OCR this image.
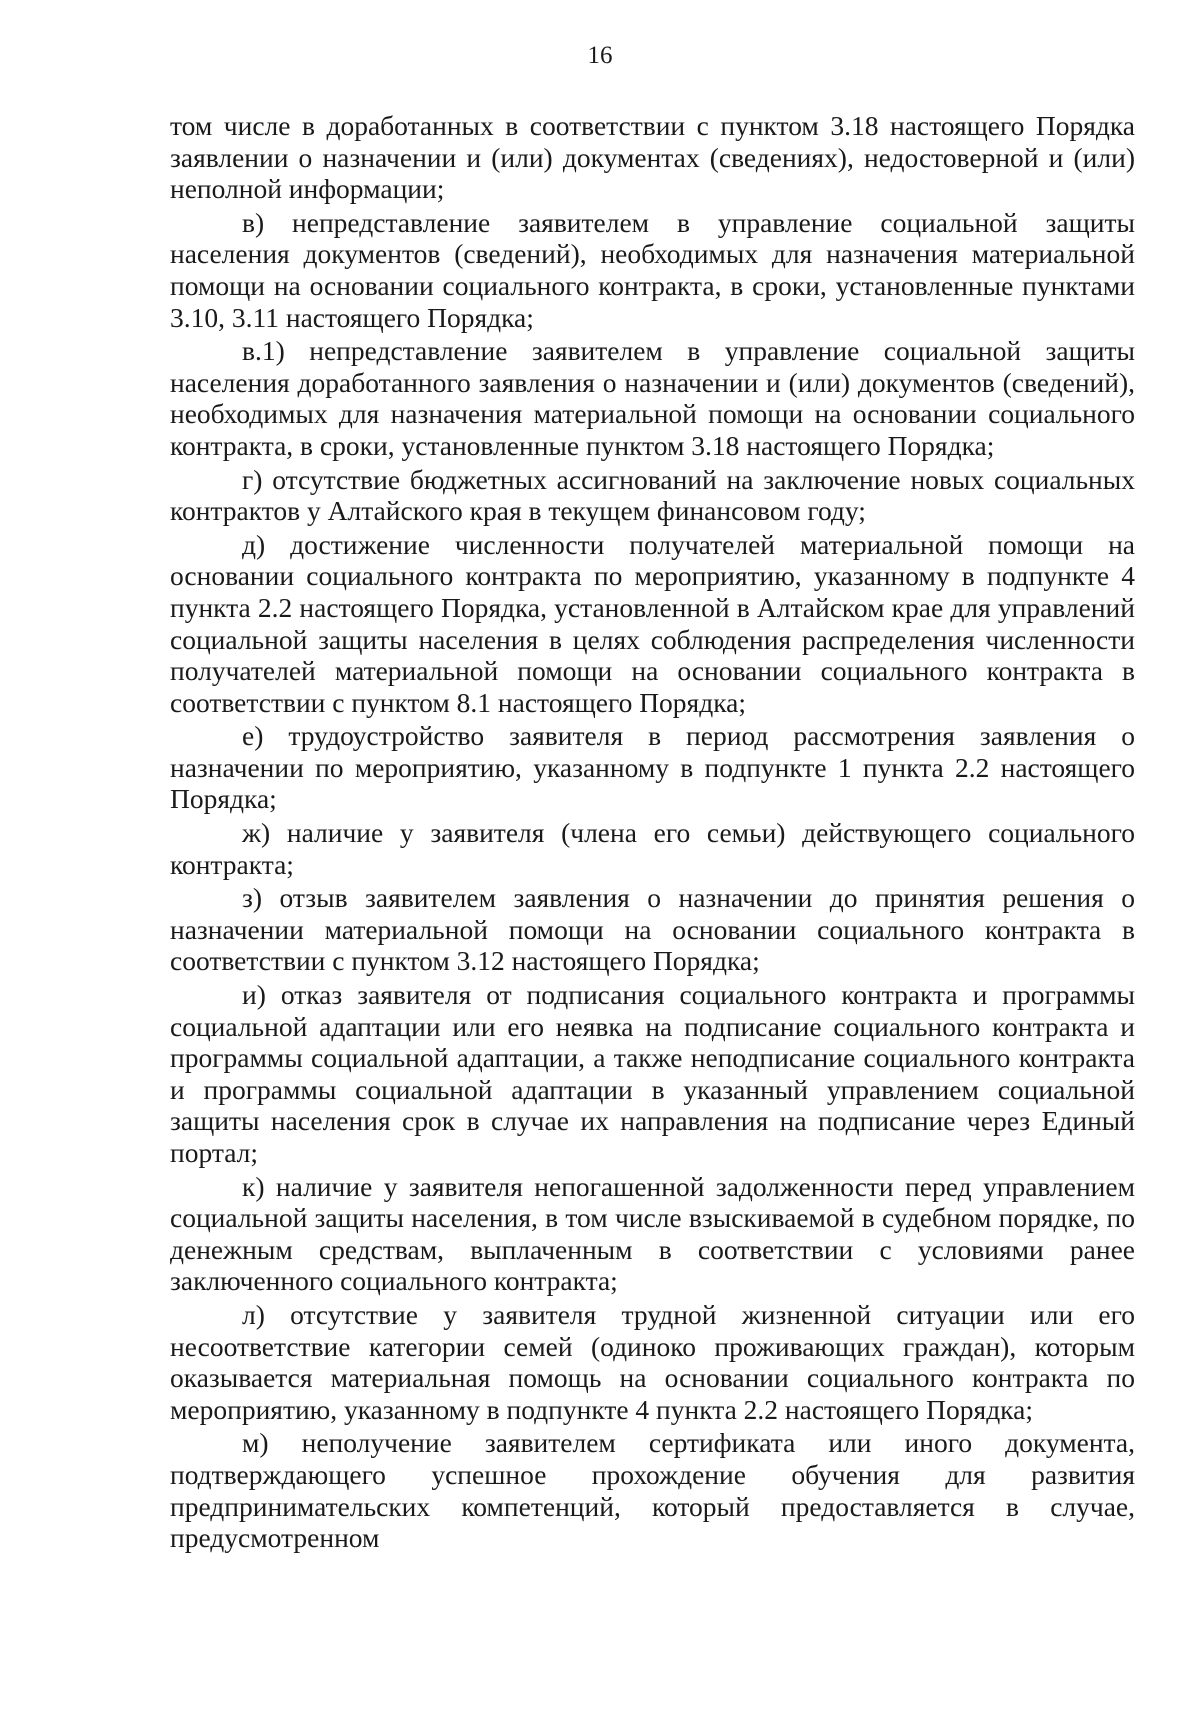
16

том числе в доработанных в соответствии с пунктом 3.18 настоящего Порядка заявлении о назначении и (или) документах (сведениях), недостоверной и (или) неполной информации;

в) непредставление заявителем в управление социальной защиты населения документов (сведений), необходимых для назначения материальной помощи на основании социального контракта, в сроки, установленные пунктами 3.10, 3.11 настоящего Порядка;

в.1) непредставление заявителем в управление социальной защиты населения доработанного заявления о назначении и (или) документов (сведений), необходимых для назначения материальной помощи на основании социального контракта, в сроки, установленные пунктом 3.18 настоящего Порядка;

г) отсутствие бюджетных ассигнований на заключение новых социальных контрактов у Алтайского края в текущем финансовом году;

д) достижение численности получателей материальной помощи на основании социального контракта по мероприятию, указанному в подпункте 4 пункта 2.2 настоящего Порядка, установленной в Алтайском крае для управлений социальной защиты населения в целях соблюдения распределения численности получателей материальной помощи на основании социального контракта в соответствии с пунктом 8.1 настоящего Порядка;

е) трудоустройство заявителя в период рассмотрения заявления о назначении по мероприятию, указанному в подпункте 1 пункта 2.2 настоящего Порядка;

ж) наличие у заявителя (члена его семьи) действующего социального контракта;

з) отзыв заявителем заявления о назначении до принятия решения о назначении материальной помощи на основании социального контракта в соответствии с пунктом 3.12 настоящего Порядка;

и) отказ заявителя от подписания социального контракта и программы социальной адаптации или его неявка на подписание социального контракта и программы социальной адаптации, а также неподписание социального контракта и программы социальной адаптации в указанный управлением социальной защиты населения срок в случае их направления на подписание через Единый портал;

к) наличие у заявителя непогашенной задолженности перед управлением социальной защиты населения, в том числе взыскиваемой в судебном порядке, по денежным средствам, выплаченным в соответствии с условиями ранее заключенного социального контракта;

л) отсутствие у заявителя трудной жизненной ситуации или его несоответствие категории семей (одиноко проживающих граждан), которым оказывается материальная помощь на основании социального контракта по мероприятию, указанному в подпункте 4 пункта 2.2 настоящего Порядка;

м) неполучение заявителем сертификата или иного документа, подтверждающего успешное прохождение обучения для развития предпринимательских компетенций, который предоставляется в случае, предусмотренном
